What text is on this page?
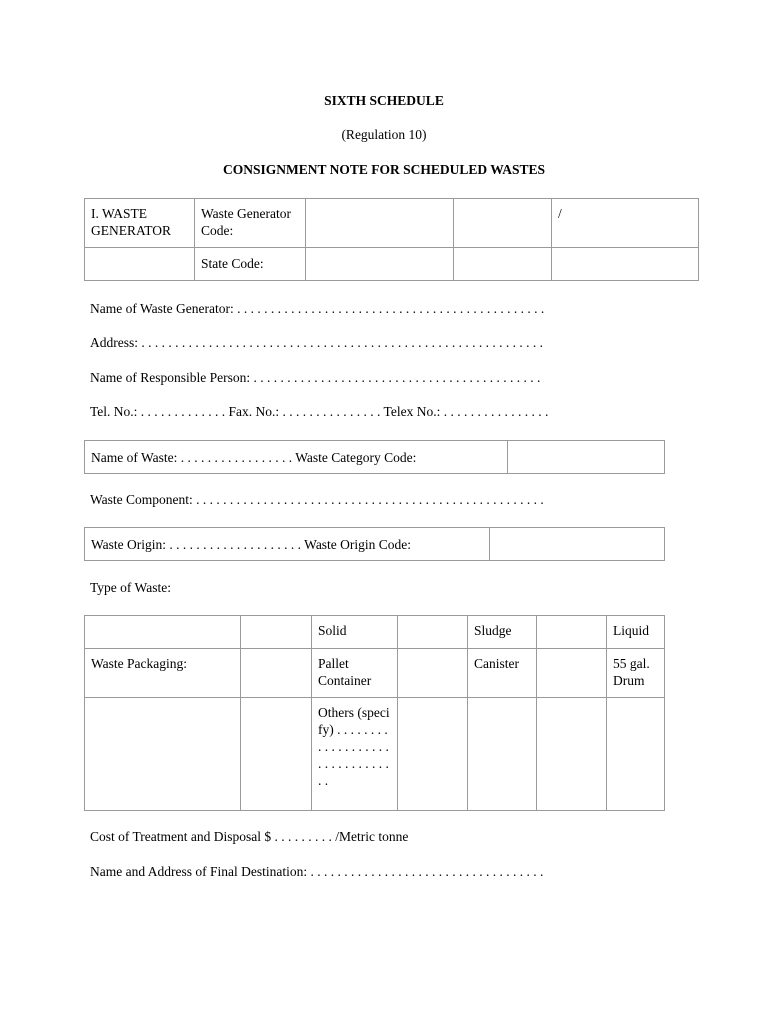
SIXTH SCHEDULE
(Regulation 10)
CONSIGNMENT NOTE FOR SCHEDULED WASTES
I. WASTE GENERATOR	Waste Generator Code:			/
	State Code:			
Name of Waste Generator: . . . . . . . . . . . . . . . . . . . . . . . . . . . . . . . . . . . . . . . . . . . . . .
Address: . . . . . . . . . . . . . . . . . . . . . . . . . . . . . . . . . . . . . . . . . . . . . . . . . . . . . . . . . . . .
Name of Responsible Person: . . . . . . . . . . . . . . . . . . . . . . . . . . . . . . . . . . . . . . . . . . .
Tel. No.: . . . . . . . . . . . . . Fax. No.: . . . . . . . . . . . . . . . Telex No.: . . . . . . . . . . . . . . . .
Name of Waste: . . . . . . . . . . . . . . . . . Waste Category Code:	
Waste Component: . . . . . . . . . . . . . . . . . . . . . . . . . . . . . . . . . . . . . . . . . . . . . . . . . . . .
Waste Origin: . . . . . . . . . . . . . . . . . . . . Waste Origin Code:	
Type of Waste:
		Solid		Sludge		Liquid
Waste Packaging:		Pallet Container		Canister		55 gal. Drum
		Others (specify) . . . . . . . . . . . . . . . . . . . . . . . . . . . . . . . .				
Cost of Treatment and Disposal $ . . . . . . . . . /Metric tonne
Name and Address of Final Destination: . . . . . . . . . . . . . . . . . . . . . . . . . . . . . . . . . . .
